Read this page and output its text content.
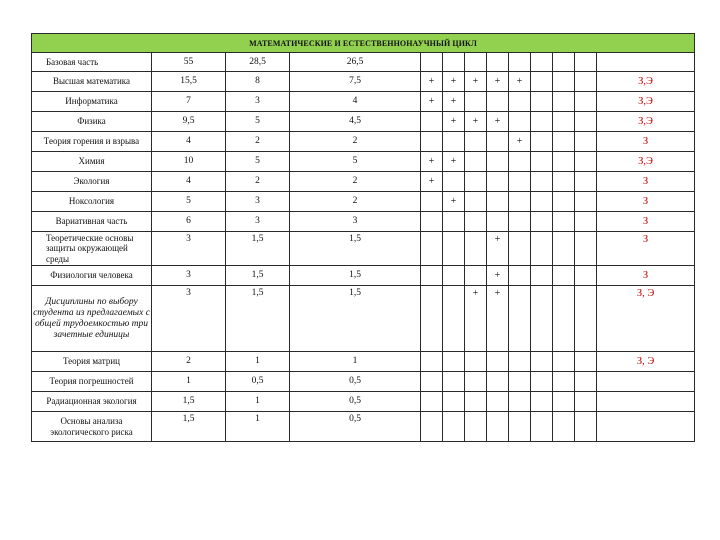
МАТЕМАТИЧЕСКИЕ И ЕСТЕСТВЕННОНАУЧНЫЙ ЦИКЛ												
Базовая часть	55	28,5	26,5									
Высшая математика	15,5	8	7,5	+	+	+	+	+				З,Э
Информатика	7	3	4	+	+							З,Э
Физика	9,5	5	4,5		+	+	+					З,Э
Теория горения и взрыва	4	2	2					+				З
Химия	10	5	5	+	+							З,Э
Экология	4	2	2	+								З
Ноксология	5	3	2		+							З
Вариативная часть	6	3	3									З
Теоретические основы защиты окружающей среды	3	1,5	1,5				+					З
Физиология человека	3	1,5	1,5				+					З
Дисциплины по выбору студента из предлагаемых с общей трудоемкостью три зачетные единицы	3	1,5	1,5			+	+					З, Э
Теория матриц	2	1	1									З, Э
Теория погрешностей	1	0,5	0,5									
Радиационная экология	1,5	1	0,5									
Основы анализа экологического риска	1,5	1	0,5									
